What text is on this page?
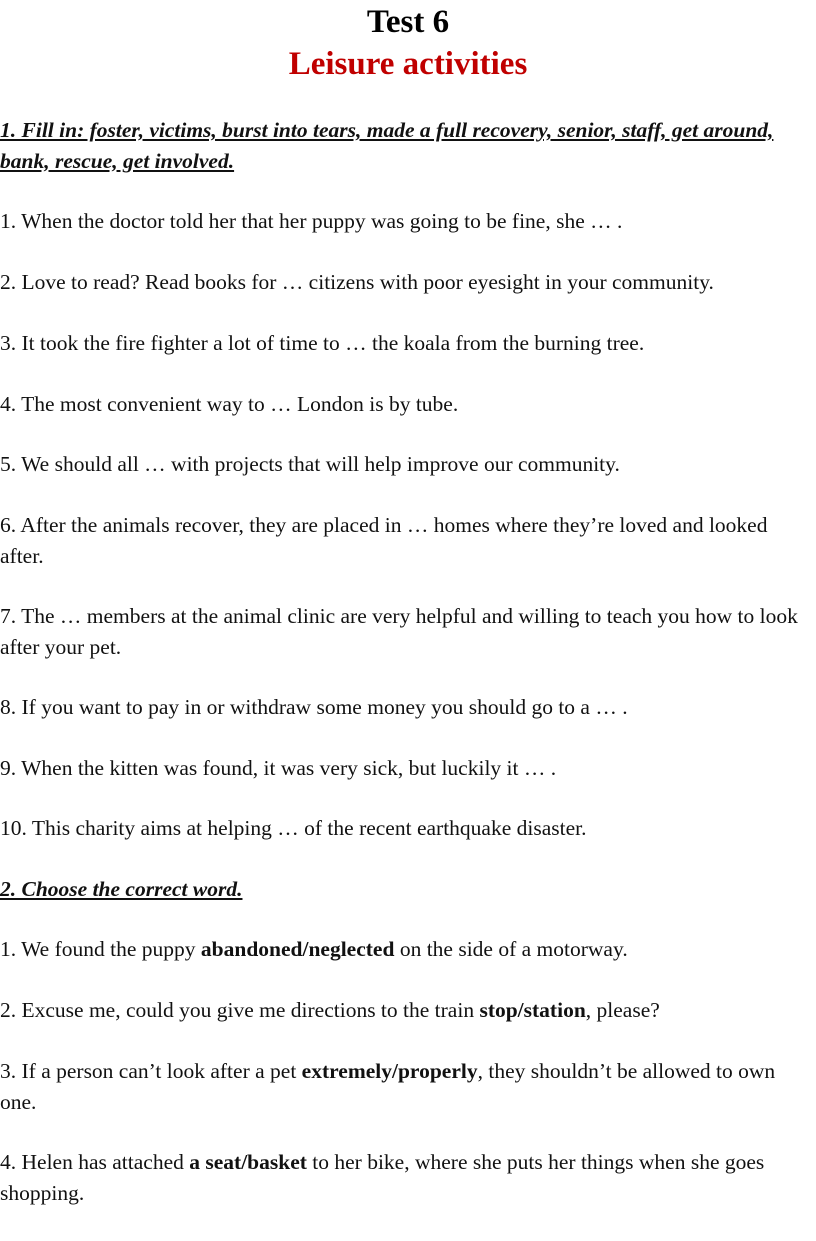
Test 6
Leisure activities

1. Fill in: foster, victims, burst into tears, made a full recovery, senior, staff, get around, bank, rescue, get involved.

1. When the doctor told her that her puppy was going to be fine, she … .

2. Love to read? Read books for … citizens with poor eyesight in your community.

3. It took the fire fighter a lot of time to … the koala from the burning tree.

4. The most convenient way to … London is by tube.

5. We should all … with projects that will help improve our community.

6. After the animals recover, they are placed in … homes where they’re loved and looked after.

7. The … members at the animal clinic are very helpful and willing to teach you how to look after your pet.

8. If you want to pay in or withdraw some money you should go to a … .

9. When the kitten was found, it was very sick, but luckily it … .

10. This charity aims at helping … of the recent earthquake disaster.

2. Choose the correct word.

1. We found the puppy abandoned/neglected on the side of a motorway.

2. Excuse me, could you give me directions to the train stop/station, please?

3. If a person can’t look after a pet extremely/properly, they shouldn’t be allowed to own one.

4. Helen has attached a seat/basket to her bike, where she puts her things when she goes shopping.
